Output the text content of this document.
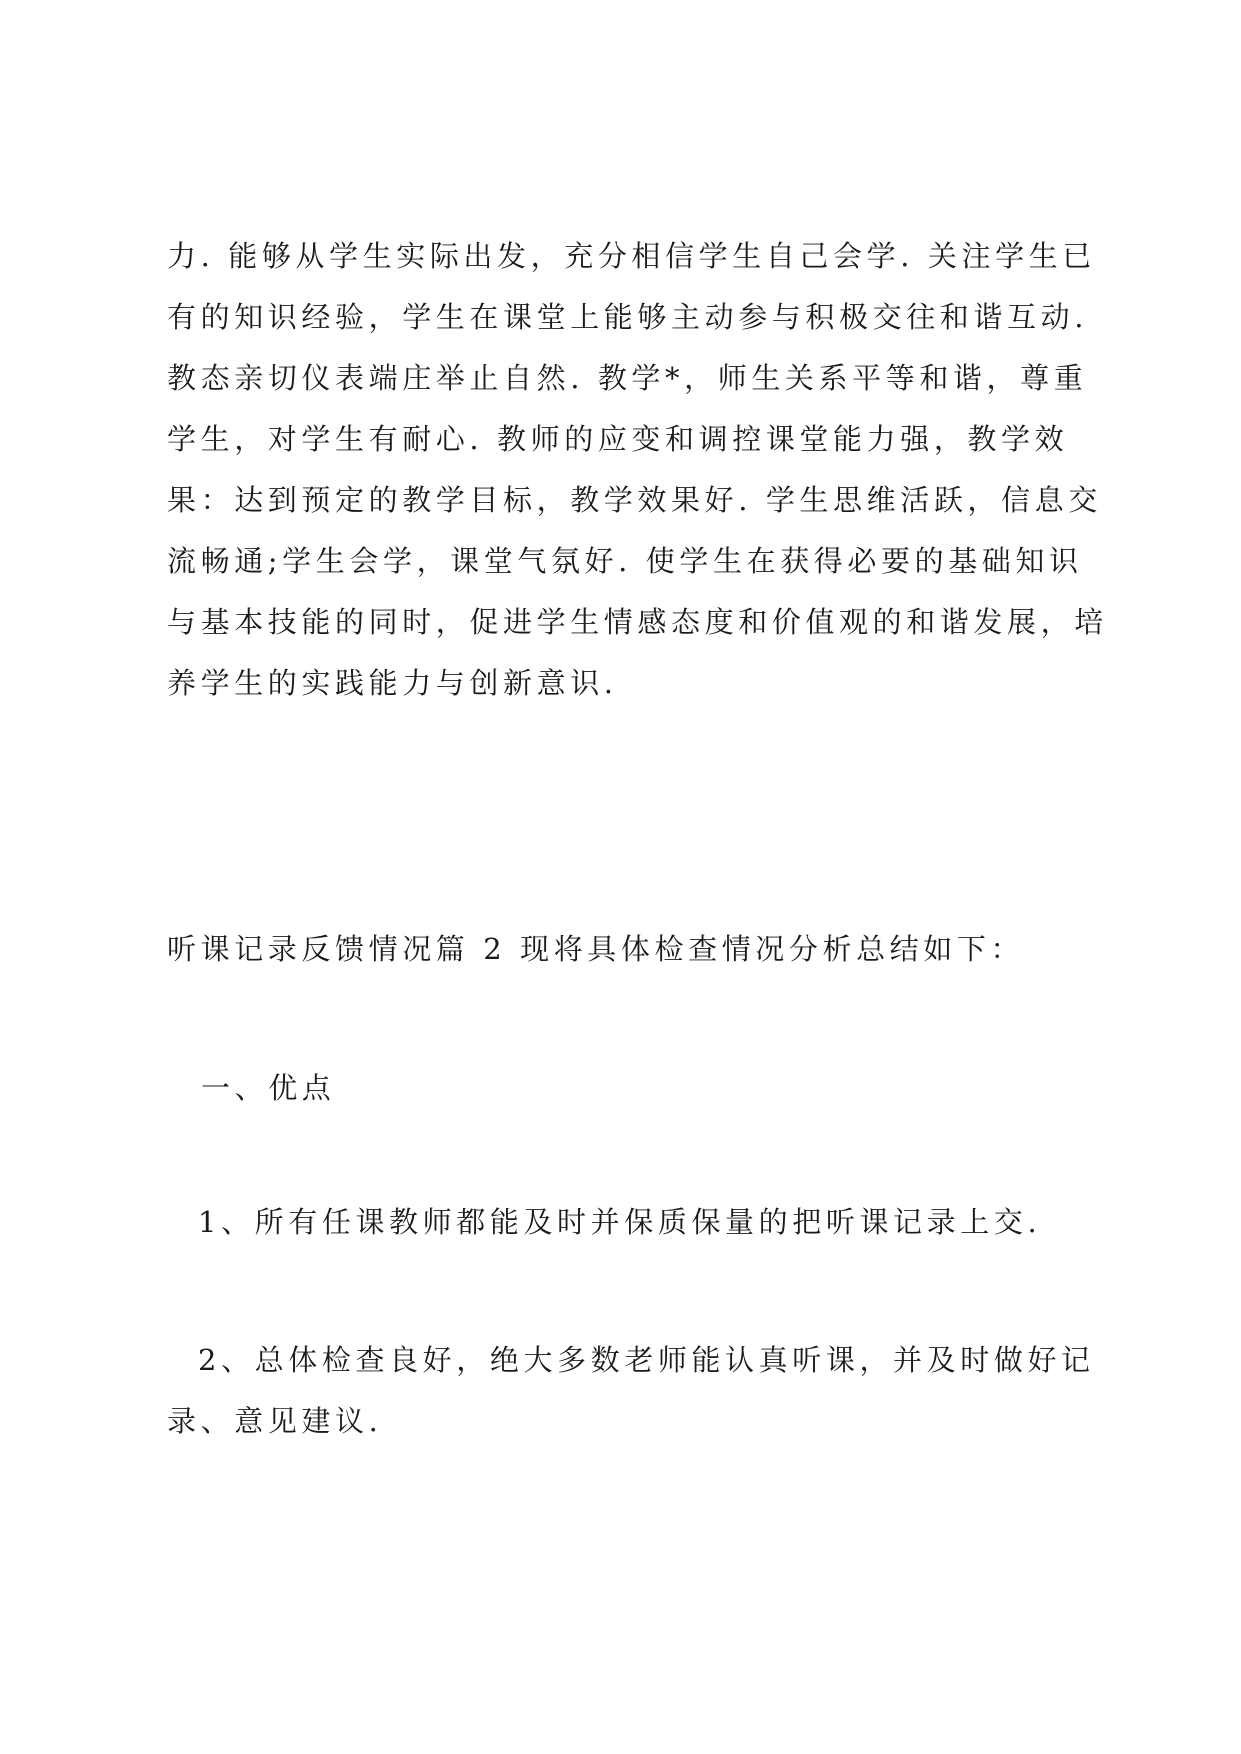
力. 能够从学生实际出发，充分相信学生自己会学. 关注学生已
有的知识经验，学生在课堂上能够主动参与积极交往和谐互动.
教态亲切仪表端庄举止自然. 教学*，师生关系平等和谐，尊重
学生，对学生有耐心. 教师的应变和调控课堂能力强，教学效
果：达到预定的教学目标，教学效果好. 学生思维活跃，信息交
流畅通;学生会学，课堂气氛好. 使学生在获得必要的基础知识
与基本技能的同时，促进学生情感态度和价值观的和谐发展，培
养学生的实践能力与创新意识.
听课记录反馈情况篇 2 现将具体检查情况分析总结如下：
一、优点
1、所有任课教师都能及时并保质保量的把听课记录上交.
2、总体检查良好，绝大多数老师能认真听课，并及时做好记
录、意见建议.
